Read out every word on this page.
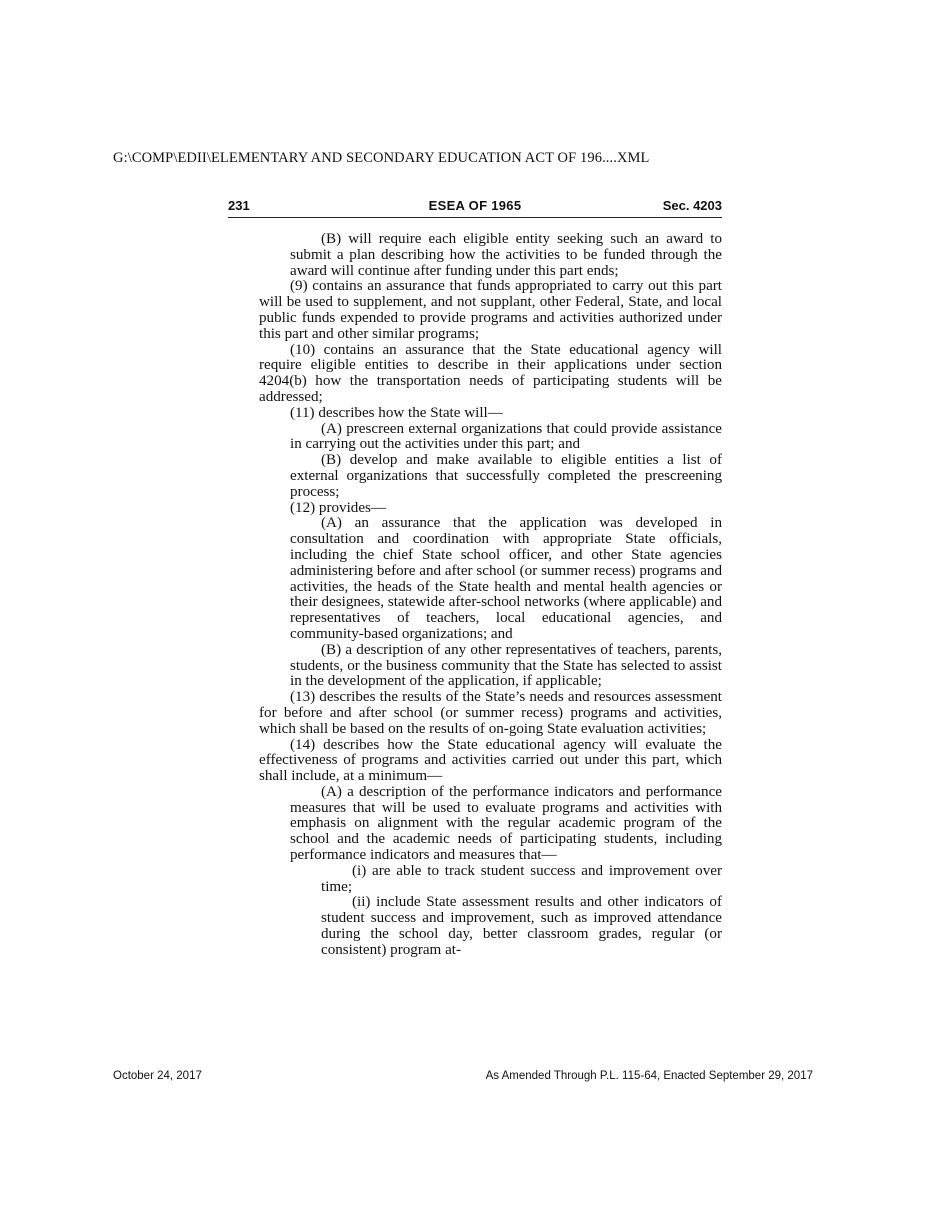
G:\COMP\EDII\ELEMENTARY AND SECONDARY EDUCATION ACT OF 196....XML
231	ESEA OF 1965	Sec. 4203

(B) will require each eligible entity seeking such an award to submit a plan describing how the activities to be funded through the award will continue after funding under this part ends;

(9) contains an assurance that funds appropriated to carry out this part will be used to supplement, and not supplant, other Federal, State, and local public funds expended to provide programs and activities authorized under this part and other similar programs;

(10) contains an assurance that the State educational agency will require eligible entities to describe in their applications under section 4204(b) how the transportation needs of participating students will be addressed;

(11) describes how the State will—

(A) prescreen external organizations that could provide assistance in carrying out the activities under this part; and

(B) develop and make available to eligible entities a list of external organizations that successfully completed the prescreening process;

(12) provides—

(A) an assurance that the application was developed in consultation and coordination with appropriate State officials, including the chief State school officer, and other State agencies administering before and after school (or summer recess) programs and activities, the heads of the State health and mental health agencies or their designees, statewide after-school networks (where applicable) and representatives of teachers, local educational agencies, and community-based organizations; and

(B) a description of any other representatives of teachers, parents, students, or the business community that the State has selected to assist in the development of the application, if applicable;

(13) describes the results of the State’s needs and resources assessment for before and after school (or summer recess) programs and activities, which shall be based on the results of on-going State evaluation activities;

(14) describes how the State educational agency will evaluate the effectiveness of programs and activities carried out under this part, which shall include, at a minimum—

(A) a description of the performance indicators and performance measures that will be used to evaluate programs and activities with emphasis on alignment with the regular academic program of the school and the academic needs of participating students, including performance indicators and measures that—

(i) are able to track student success and improvement over time;

(ii) include State assessment results and other indicators of student success and improvement, such as improved attendance during the school day, better classroom grades, regular (or consistent) program at-

October 24, 2017	As Amended Through P.L. 115-64, Enacted September 29, 2017
